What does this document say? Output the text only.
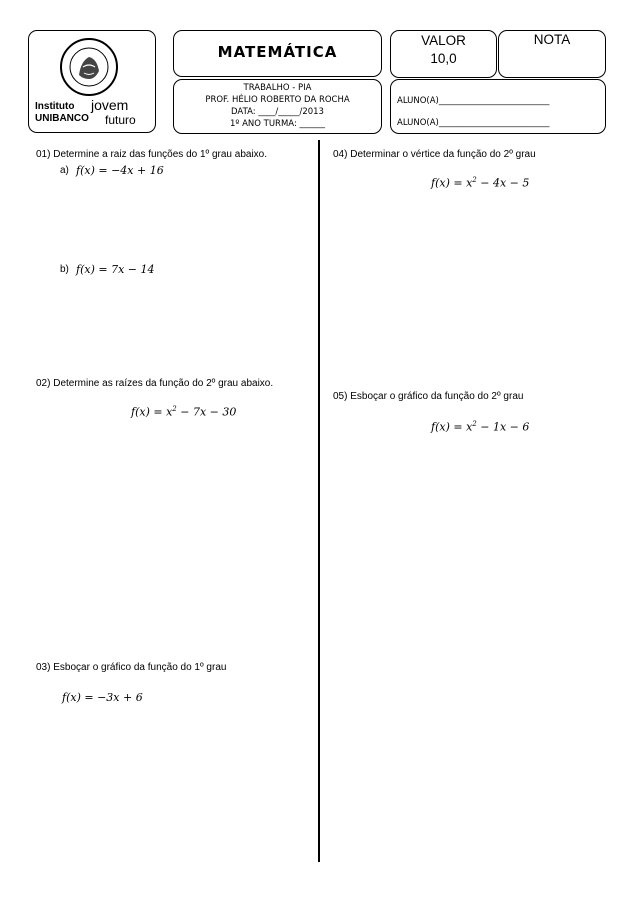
Instituto
UNIBANCO
jovem
futuro
MATEMÁTICA
TRABALHO - PIA
PROF. HÉLIO ROBERTO DA ROCHA
DATA: ____/_____/2013
1º ANO TURMA: ______
VALOR
10,0
NOTA
ALUNO(A)__________________________
ALUNO(A)__________________________
01) Determine a raiz das funções do 1º grau abaixo.
a) f(x) = −4x + 16
b) f(x) = 7x − 14
02) Determine as raízes da função do 2º grau abaixo.
$f(x) = x^2 - 7x - 30$
03) Esboçar o gráfico da função do 1º grau
f(x) = −3x + 6
04) Determinar o vértice da função do 2º grau
$f(x) = x^2 - 4x - 5$
05) Esboçar o gráfico da função do 2º grau
$f(x) = x^2 - 1x - 6$
